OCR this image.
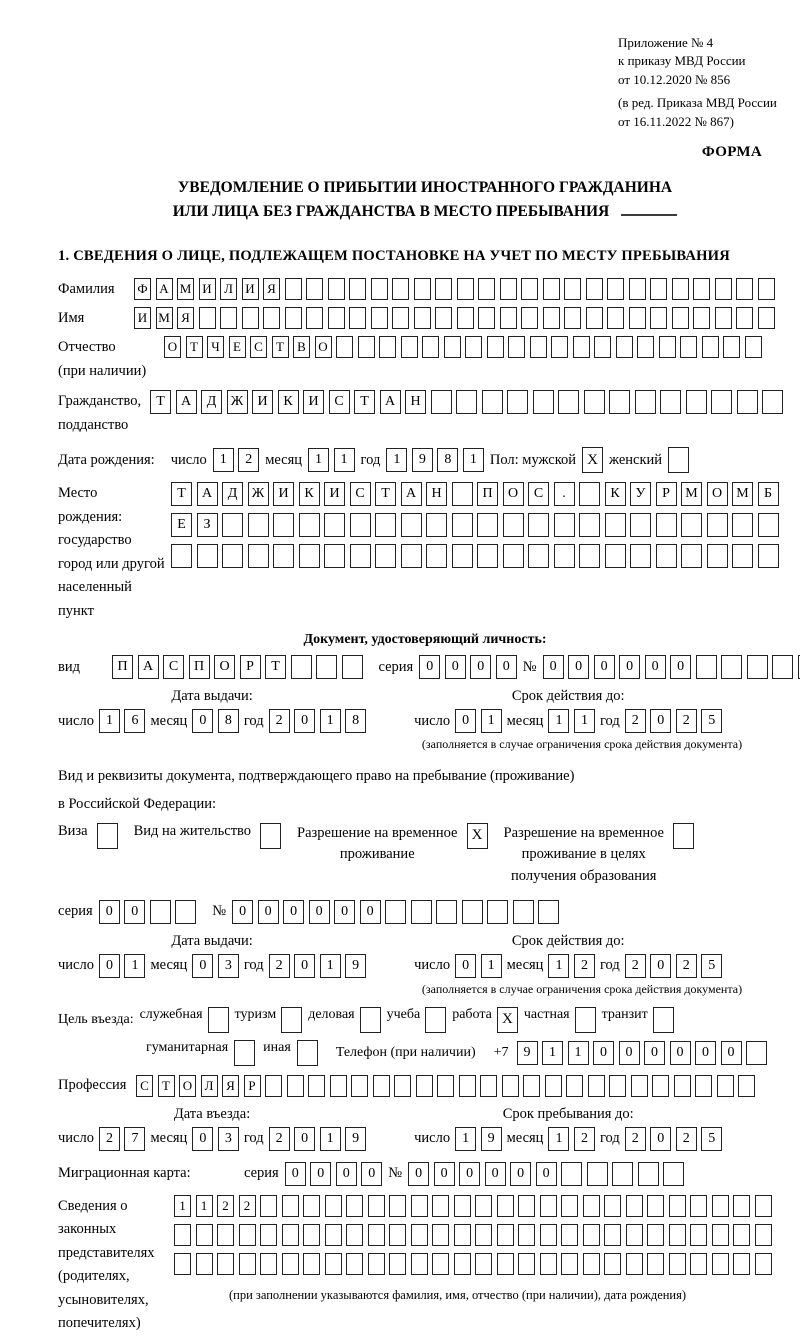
Приложение № 4
к приказу МВД России
от 10.12.2020 № 856
(в ред. Приказа МВД России
от 16.11.2022 № 867)
ФОРМА
УВЕДОМЛЕНИЕ О ПРИБЫТИИ ИНОСТРАННОГО ГРАЖДАНИНА
ИЛИ ЛИЦА БЕЗ ГРАЖДАНСТВА В МЕСТО ПРЕБЫВАНИЯ
1. СВЕДЕНИЯ О ЛИЦЕ, ПОДЛЕЖАЩЕМ ПОСТАНОВКЕ НА УЧЕТ ПО МЕСТУ ПРЕБЫВАНИЯ
Фамилия	Ф А М И Л И Я
Имя	И М Я
Отчество
(при наличии)
О Т	Ч	Е	С	Т	В О
Гражданство,
подданство
Т	А	Д	Ж	И	К	И	С	Т	А	Н
Дата рождения: число 1	2 месяц 1	1 год 1	9	8	1 Пол: мужской X женский
Место рождения:
государство
город или другой
населенный пункт
Т	А	Д	Ж	И	К	И	С	Т	А	Н	П	О	С	.	К	У	Р	М	О	М	Б
Е	З
Документ, удостоверяющий личность:
вид	П	А	С	П	О	Р	Т	серия 0	0	0	0 № 0	0	0	0	0	0
Дата выдачи:
число 1	6 месяц 0	8 год 2	0	1	8
Срок действия до:
число 0	1 месяц 1	1 год 2	0	2	5
(заполняется в случае ограничения срока действия документа)
Вид и реквизиты документа, подтверждающего право на пребывание (проживание)
в Российской Федерации:
Виза	Вид на жительство	Разрешение на временное
проживание
X	Разрешение на временное
проживание в целях
получения образования
серия 0	0	№ 0	0	0	0	0	0
Дата выдачи:
число 0	1 месяц 0	3 год 2	0	1	9
Срок действия до:
число 0	1 месяц 1	2 год 2	0	2	5
(заполняется в случае ограничения срока действия документа)
Цель въезда: служебная туризм деловая учеба работа X частная транзит
гуманитарная	иная	Телефон (при наличии) +7	9	1	1	0	0	0	0	0	0
Профессия	С	Т О Л Я	Р
Дата въезда:
число 2	7 месяц 0	3 год 2	0	1	9
Срок пребывания до:
число 1	9 месяц 1	2 год 2	0	2	5
Миграционная карта:	серия 0	0	0	0 № 0	0	0	0	0	0
Сведения о
законных
представителях
(родителях,
усыновителях,
попечителях)
1	1	2	2
(при заполнении указываются фамилия, имя, отчество (при наличии), дата рождения)
